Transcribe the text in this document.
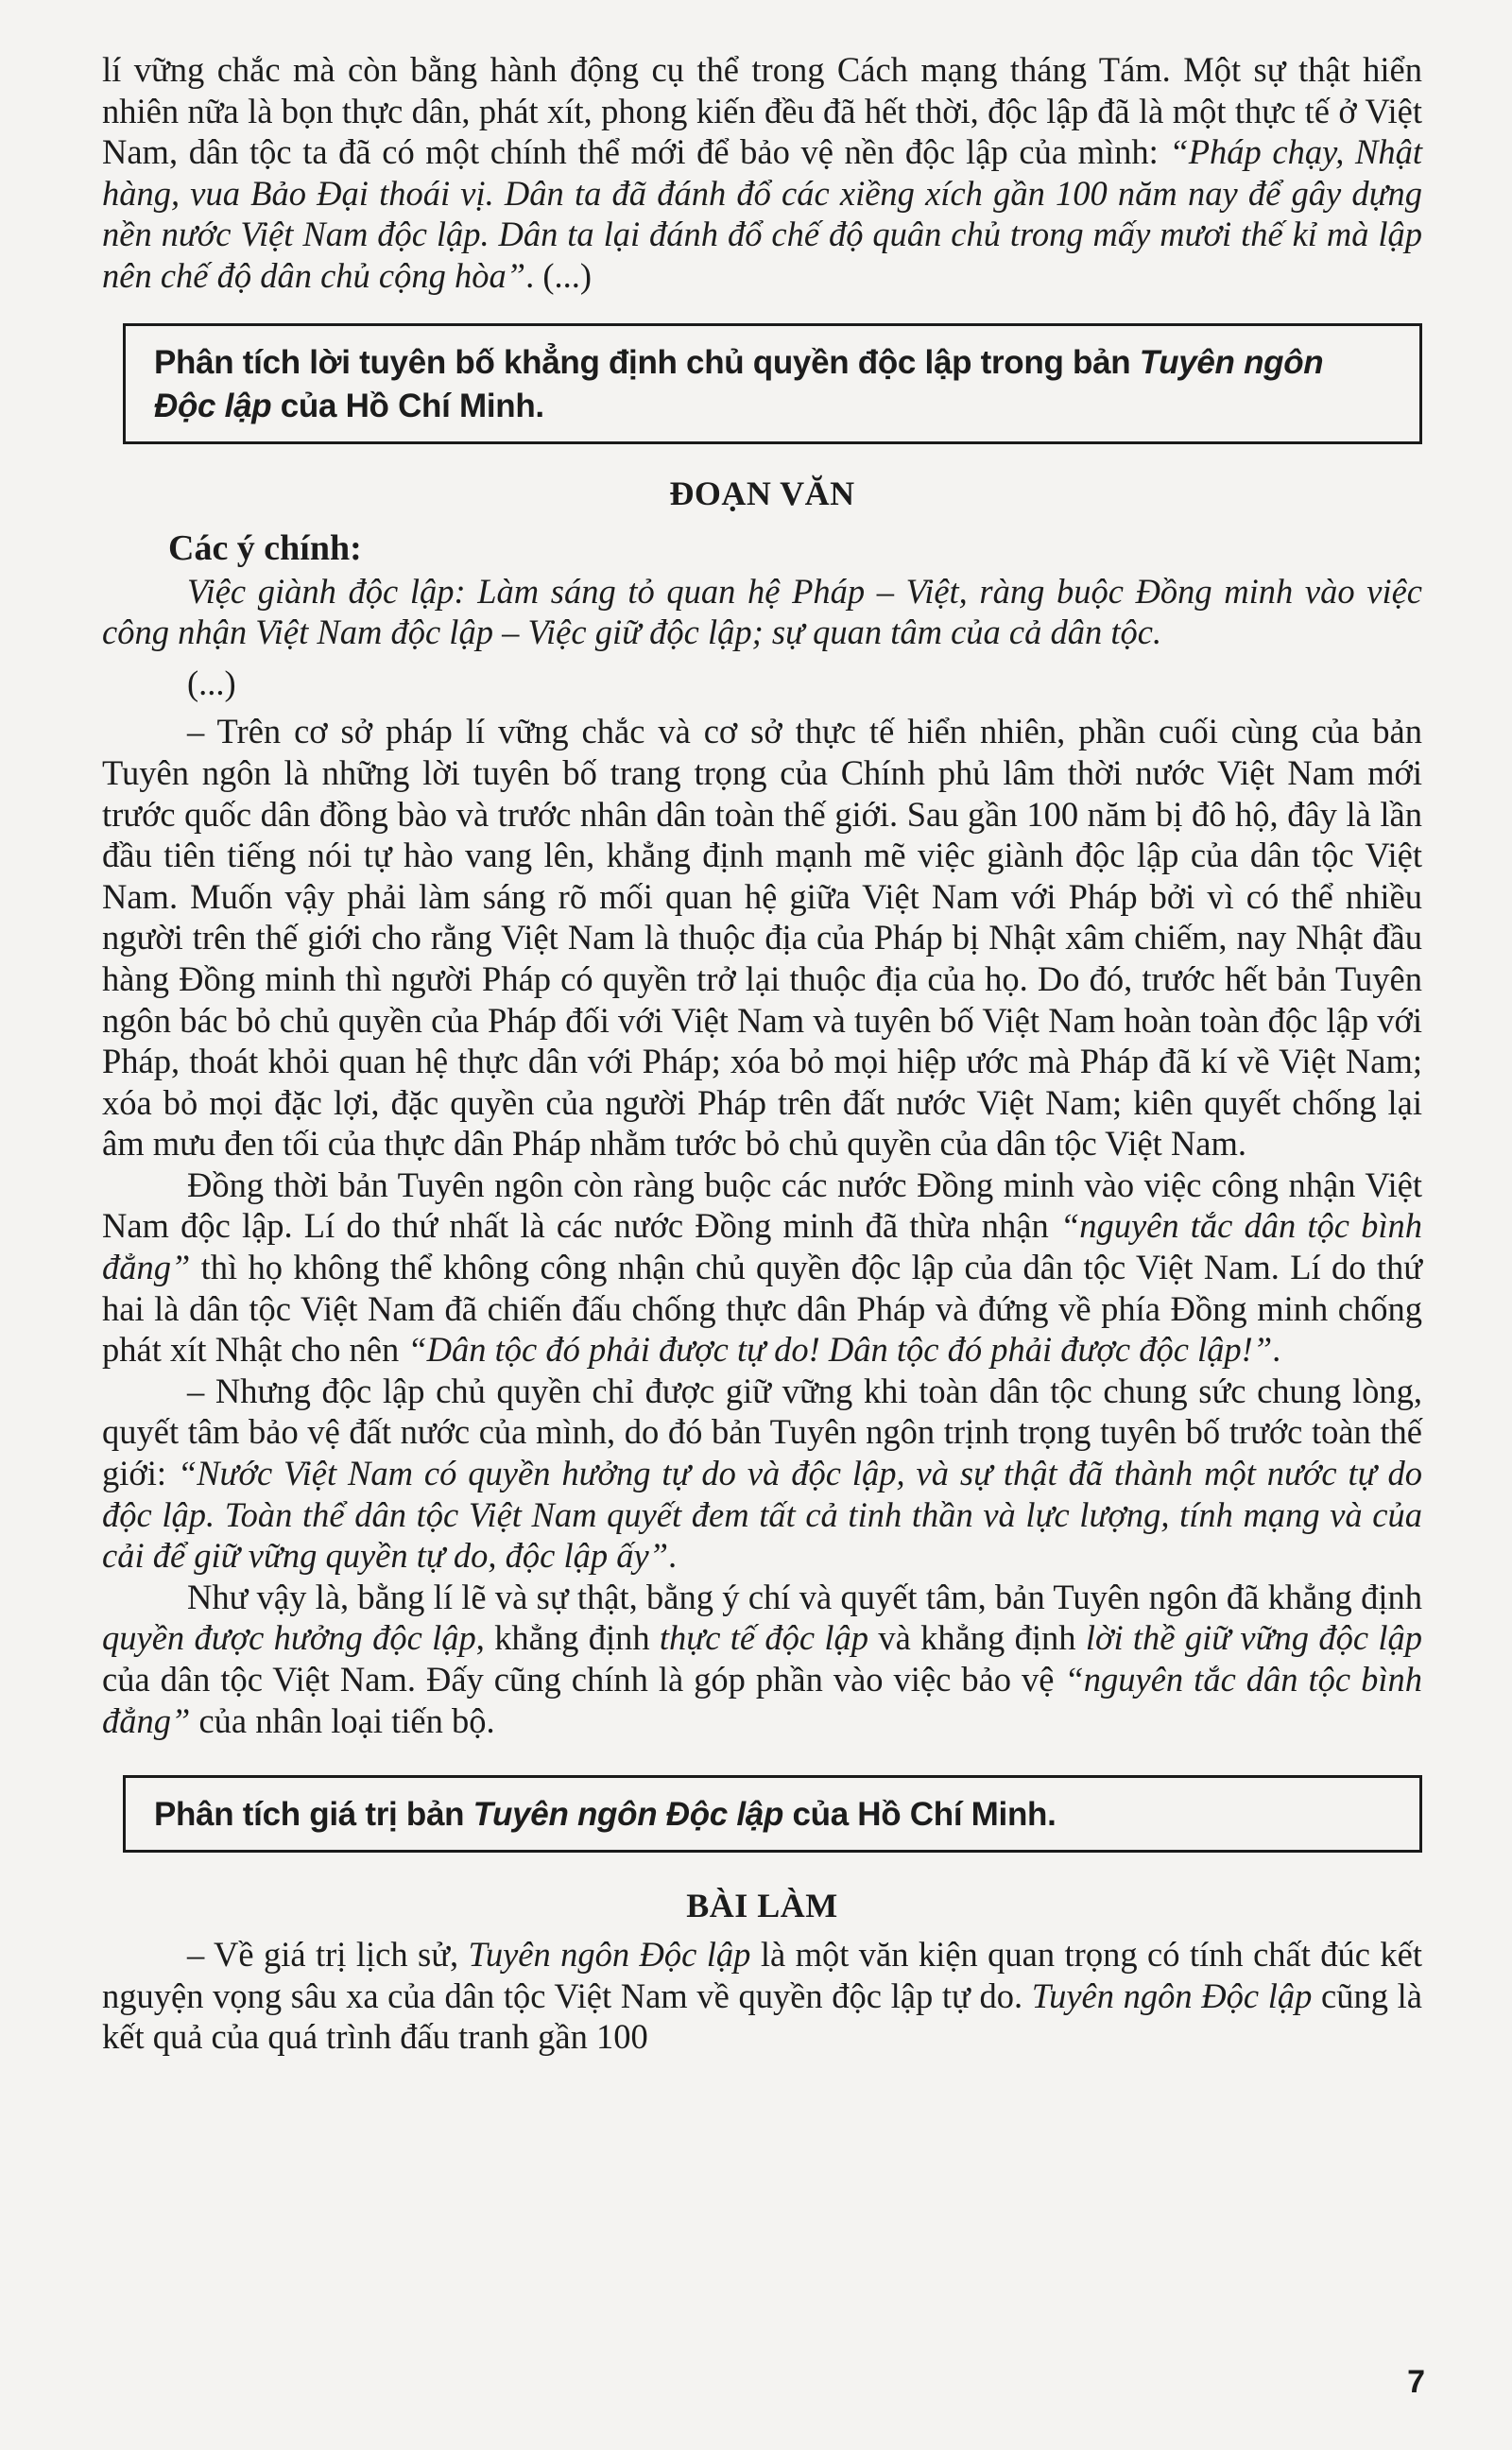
lí vững chắc mà còn bằng hành động cụ thể trong Cách mạng tháng Tám. Một sự thật hiển nhiên nữa là bọn thực dân, phát xít, phong kiến đều đã hết thời, độc lập đã là một thực tế ở Việt Nam, dân tộc ta đã có một chính thể mới để bảo vệ nền độc lập của mình: “Pháp chạy, Nhật hàng, vua Bảo Đại thoái vị. Dân ta đã đánh đổ các xiềng xích gần 100 năm nay để gây dựng nền nước Việt Nam độc lập. Dân ta lại đánh đổ chế độ quân chủ trong mấy mươi thế kỉ mà lập nên chế độ dân chủ cộng hòa”. (...)

Phân tích lời tuyên bố khẳng định chủ quyền độc lập trong bản Tuyên ngôn Độc lập của Hồ Chí Minh.
ĐOẠN VĂN
Các ý chính:

Việc giành độc lập: Làm sáng tỏ quan hệ Pháp – Việt, ràng buộc Đồng minh vào việc công nhận Việt Nam độc lập – Việc giữ độc lập; sự quan tâm của cả dân tộc.

(...)

– Trên cơ sở pháp lí vững chắc và cơ sở thực tế hiển nhiên, phần cuối cùng của bản Tuyên ngôn là những lời tuyên bố trang trọng của Chính phủ lâm thời nước Việt Nam mới trước quốc dân đồng bào và trước nhân dân toàn thế giới. Sau gần 100 năm bị đô hộ, đây là lần đầu tiên tiếng nói tự hào vang lên, khẳng định mạnh mẽ việc giành độc lập của dân tộc Việt Nam. Muốn vậy phải làm sáng rõ mối quan hệ giữa Việt Nam với Pháp bởi vì có thể nhiều người trên thế giới cho rằng Việt Nam là thuộc địa của Pháp bị Nhật xâm chiếm, nay Nhật đầu hàng Đồng minh thì người Pháp có quyền trở lại thuộc địa của họ. Do đó, trước hết bản Tuyên ngôn bác bỏ chủ quyền của Pháp đối với Việt Nam và tuyên bố Việt Nam hoàn toàn độc lập với Pháp, thoát khỏi quan hệ thực dân với Pháp; xóa bỏ mọi hiệp ước mà Pháp đã kí về Việt Nam; xóa bỏ mọi đặc lợi, đặc quyền của người Pháp trên đất nước Việt Nam; kiên quyết chống lại âm mưu đen tối của thực dân Pháp nhằm tước bỏ chủ quyền của dân tộc Việt Nam.

Đồng thời bản Tuyên ngôn còn ràng buộc các nước Đồng minh vào việc công nhận Việt Nam độc lập. Lí do thứ nhất là các nước Đồng minh đã thừa nhận “nguyên tắc dân tộc bình đẳng” thì họ không thể không công nhận chủ quyền độc lập của dân tộc Việt Nam. Lí do thứ hai là dân tộc Việt Nam đã chiến đấu chống thực dân Pháp và đứng về phía Đồng minh chống phát xít Nhật cho nên “Dân tộc đó phải được tự do! Dân tộc đó phải được độc lập!”.

– Nhưng độc lập chủ quyền chỉ được giữ vững khi toàn dân tộc chung sức chung lòng, quyết tâm bảo vệ đất nước của mình, do đó bản Tuyên ngôn trịnh trọng tuyên bố trước toàn thế giới: “Nước Việt Nam có quyền hưởng tự do và độc lập, và sự thật đã thành một nước tự do độc lập. Toàn thể dân tộc Việt Nam quyết đem tất cả tinh thần và lực lượng, tính mạng và của cải để giữ vững quyền tự do, độc lập ấy”.

Như vậy là, bằng lí lẽ và sự thật, bằng ý chí và quyết tâm, bản Tuyên ngôn đã khẳng định quyền được hưởng độc lập, khẳng định thực tế độc lập và khẳng định lời thề giữ vững độc lập của dân tộc Việt Nam. Đấy cũng chính là góp phần vào việc bảo vệ “nguyên tắc dân tộc bình đẳng” của nhân loại tiến bộ.

Phân tích giá trị bản Tuyên ngôn Độc lập của Hồ Chí Minh.
BÀI LÀM

– Về giá trị lịch sử, Tuyên ngôn Độc lập là một văn kiện quan trọng có tính chất đúc kết nguyện vọng sâu xa của dân tộc Việt Nam về quyền độc lập tự do. Tuyên ngôn Độc lập cũng là kết quả của quá trình đấu tranh gần 100

7
